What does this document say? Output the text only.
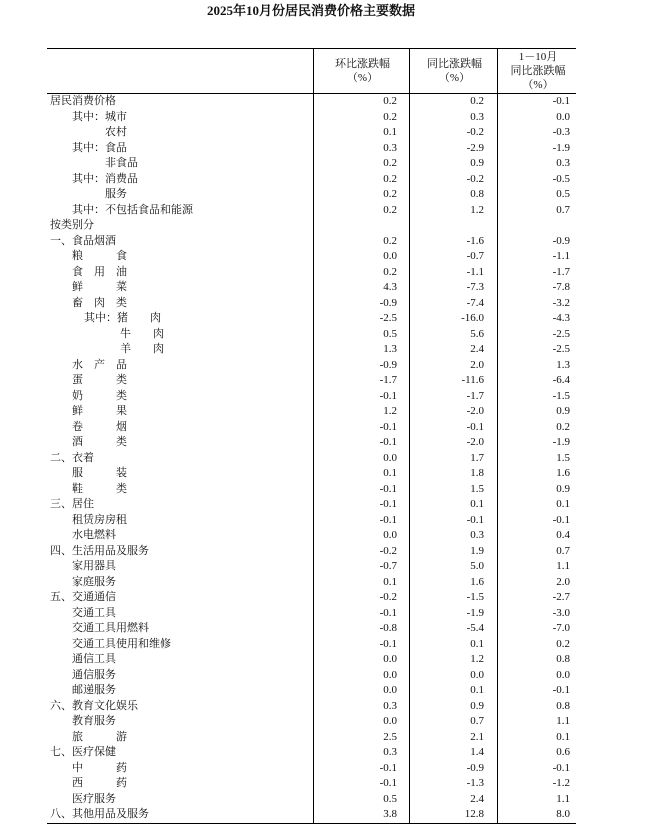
2025年10月份居民消费价格主要数据
环比涨跌幅
（%）
同比涨跌幅
（%）
1－10月
同比涨跌幅
（%）
居民消费价格	0.2	0.2	-0.1
其中：城市	0.2	0.3	0.0
农村	0.1	-0.2	-0.3
其中：食品	0.3	-2.9	-1.9
非食品	0.2	0.9	0.3
其中：消费品	0.2	-0.2	-0.5
服务	0.2	0.8	0.5
其中：不包括食品和能源	0.2	1.2	0.7
按类别分
一、食品烟酒	0.2	-1.6	-0.9
粮　　　食	0.0	-0.7	-1.1
食　用　油	0.2	-1.1	-1.7
鲜　　　菜	4.3	-7.3	-7.8
畜　肉　类	-0.9	-7.4	-3.2
其中：猪　　肉	-2.5	-16.0	-4.3
牛　　肉	0.5	5.6	-2.5
羊　　肉	1.3	2.4	-2.5
水　产　品	-0.9	2.0	1.3
蛋　　　类	-1.7	-11.6	-6.4
奶　　　类	-0.1	-1.7	-1.5
鲜　　　果	1.2	-2.0	0.9
卷　　　烟	-0.1	-0.1	0.2
酒　　　类	-0.1	-2.0	-1.9
二、衣着	0.0	1.7	1.5
服　　　装	0.1	1.8	1.6
鞋　　　类	-0.1	1.5	0.9
三、居住	-0.1	0.1	0.1
租赁房房租	-0.1	-0.1	-0.1
水电燃料	0.0	0.3	0.4
四、生活用品及服务	-0.2	1.9	0.7
家用器具	-0.7	5.0	1.1
家庭服务	0.1	1.6	2.0
五、交通通信	-0.2	-1.5	-2.7
交通工具	-0.1	-1.9	-3.0
交通工具用燃料	-0.8	-5.4	-7.0
交通工具使用和维修	-0.1	0.1	0.2
通信工具	0.0	1.2	0.8
通信服务	0.0	0.0	0.0
邮递服务	0.0	0.1	-0.1
六、教育文化娱乐	0.3	0.9	0.8
教育服务	0.0	0.7	1.1
旅　　　游	2.5	2.1	0.1
七、医疗保健	0.3	1.4	0.6
中　　　药	-0.1	-0.9	-0.1
西　　　药	-0.1	-1.3	-1.2
医疗服务	0.5	2.4	1.1
八、其他用品及服务	3.8	12.8	8.0
